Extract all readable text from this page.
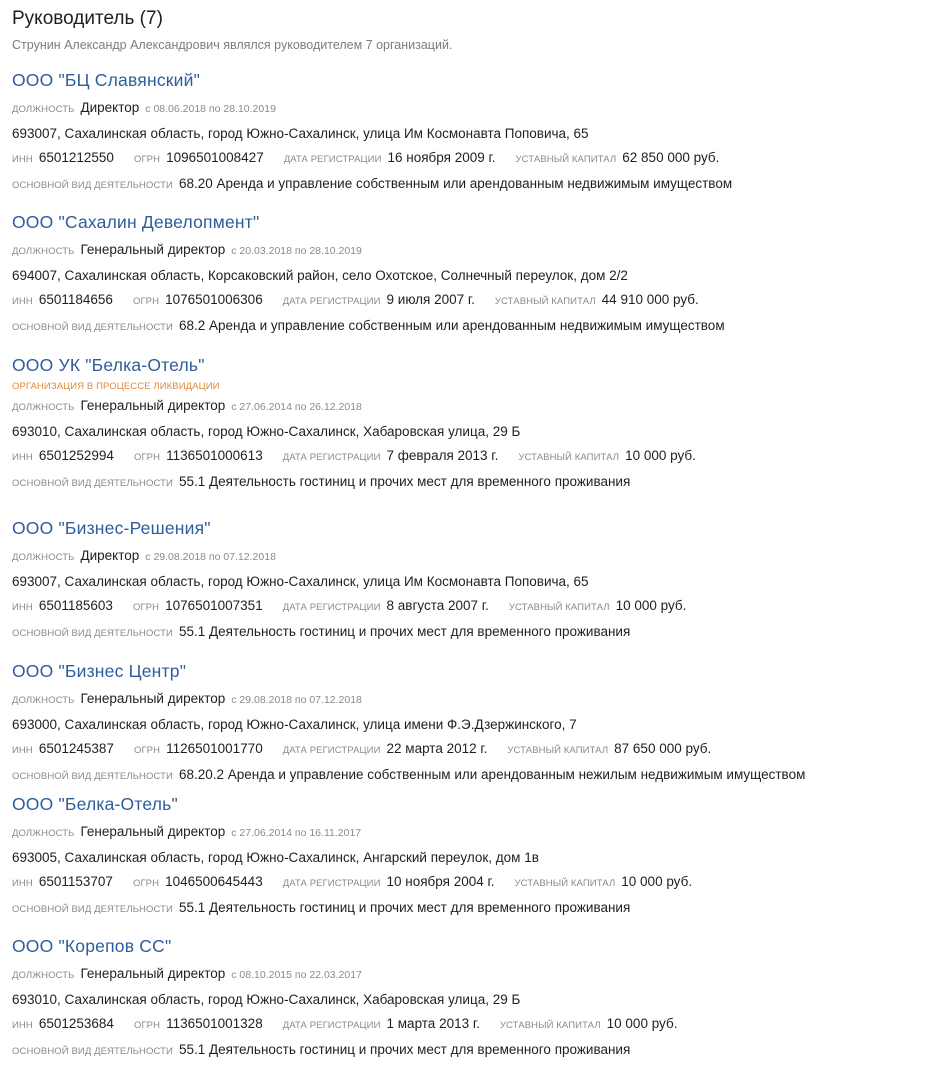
Руководитель (7)
Струнин Александр Александрович являлся руководителем 7 организаций.
ООО "БЦ Славянский"
ДОЛЖНОСТЬ Директор с 08.06.2018 по 28.10.2019
693007, Сахалинская область, город Южно-Сахалинск, улица Им Космонавта Поповича, 65
ИНН 6501212550 ОГРН 1096501008427 ДАТА РЕГИСТРАЦИИ 16 ноября 2009 г. УСТАВНЫЙ КАПИТАЛ 62 850 000 руб.
ОСНОВНОЙ ВИД ДЕЯТЕЛЬНОСТИ 68.20 Аренда и управление собственным или арендованным недвижимым имуществом
ООО "Сахалин Девелопмент"
ДОЛЖНОСТЬ Генеральный директор с 20.03.2018 по 28.10.2019
694007, Сахалинская область, Корсаковский район, село Охотское, Солнечный переулок, дом 2/2
ИНН 6501184656 ОГРН 1076501006306 ДАТА РЕГИСТРАЦИИ 9 июля 2007 г. УСТАВНЫЙ КАПИТАЛ 44 910 000 руб.
ОСНОВНОЙ ВИД ДЕЯТЕЛЬНОСТИ 68.2 Аренда и управление собственным или арендованным недвижимым имуществом
ООО УК "Белка-Отель"
ОРГАНИЗАЦИЯ В ПРОЦЕССЕ ЛИКВИДАЦИИ
ДОЛЖНОСТЬ Генеральный директор с 27.06.2014 по 26.12.2018
693010, Сахалинская область, город Южно-Сахалинск, Хабаровская улица, 29 Б
ИНН 6501252994 ОГРН 1136501000613 ДАТА РЕГИСТРАЦИИ 7 февраля 2013 г. УСТАВНЫЙ КАПИТАЛ 10 000 руб.
ОСНОВНОЙ ВИД ДЕЯТЕЛЬНОСТИ 55.1 Деятельность гостиниц и прочих мест для временного проживания
ООО "Бизнес-Решения"
ДОЛЖНОСТЬ Директор с 29.08.2018 по 07.12.2018
693007, Сахалинская область, город Южно-Сахалинск, улица Им Космонавта Поповича, 65
ИНН 6501185603 ОГРН 1076501007351 ДАТА РЕГИСТРАЦИИ 8 августа 2007 г. УСТАВНЫЙ КАПИТАЛ 10 000 руб.
ОСНОВНОЙ ВИД ДЕЯТЕЛЬНОСТИ 55.1 Деятельность гостиниц и прочих мест для временного проживания
ООО "Бизнес Центр"
ДОЛЖНОСТЬ Генеральный директор с 29.08.2018 по 07.12.2018
693000, Сахалинская область, город Южно-Сахалинск, улица имени Ф.Э.Дзержинского, 7
ИНН 6501245387 ОГРН 1126501001770 ДАТА РЕГИСТРАЦИИ 22 марта 2012 г. УСТАВНЫЙ КАПИТАЛ 87 650 000 руб.
ОСНОВНОЙ ВИД ДЕЯТЕЛЬНОСТИ 68.20.2 Аренда и управление собственным или арендованным нежилым недвижимым имуществом
ООО "Белка-Отель"
ДОЛЖНОСТЬ Генеральный директор с 27.06.2014 по 16.11.2017
693005, Сахалинская область, город Южно-Сахалинск, Ангарский переулок, дом 1в
ИНН 6501153707 ОГРН 1046500645443 ДАТА РЕГИСТРАЦИИ 10 ноября 2004 г. УСТАВНЫЙ КАПИТАЛ 10 000 руб.
ОСНОВНОЙ ВИД ДЕЯТЕЛЬНОСТИ 55.1 Деятельность гостиниц и прочих мест для временного проживания
ООО "Корепов СС"
ДОЛЖНОСТЬ Генеральный директор с 08.10.2015 по 22.03.2017
693010, Сахалинская область, город Южно-Сахалинск, Хабаровская улица, 29 Б
ИНН 6501253684 ОГРН 1136501001328 ДАТА РЕГИСТРАЦИИ 1 марта 2013 г. УСТАВНЫЙ КАПИТАЛ 10 000 руб.
ОСНОВНОЙ ВИД ДЕЯТЕЛЬНОСТИ 55.1 Деятельность гостиниц и прочих мест для временного проживания
